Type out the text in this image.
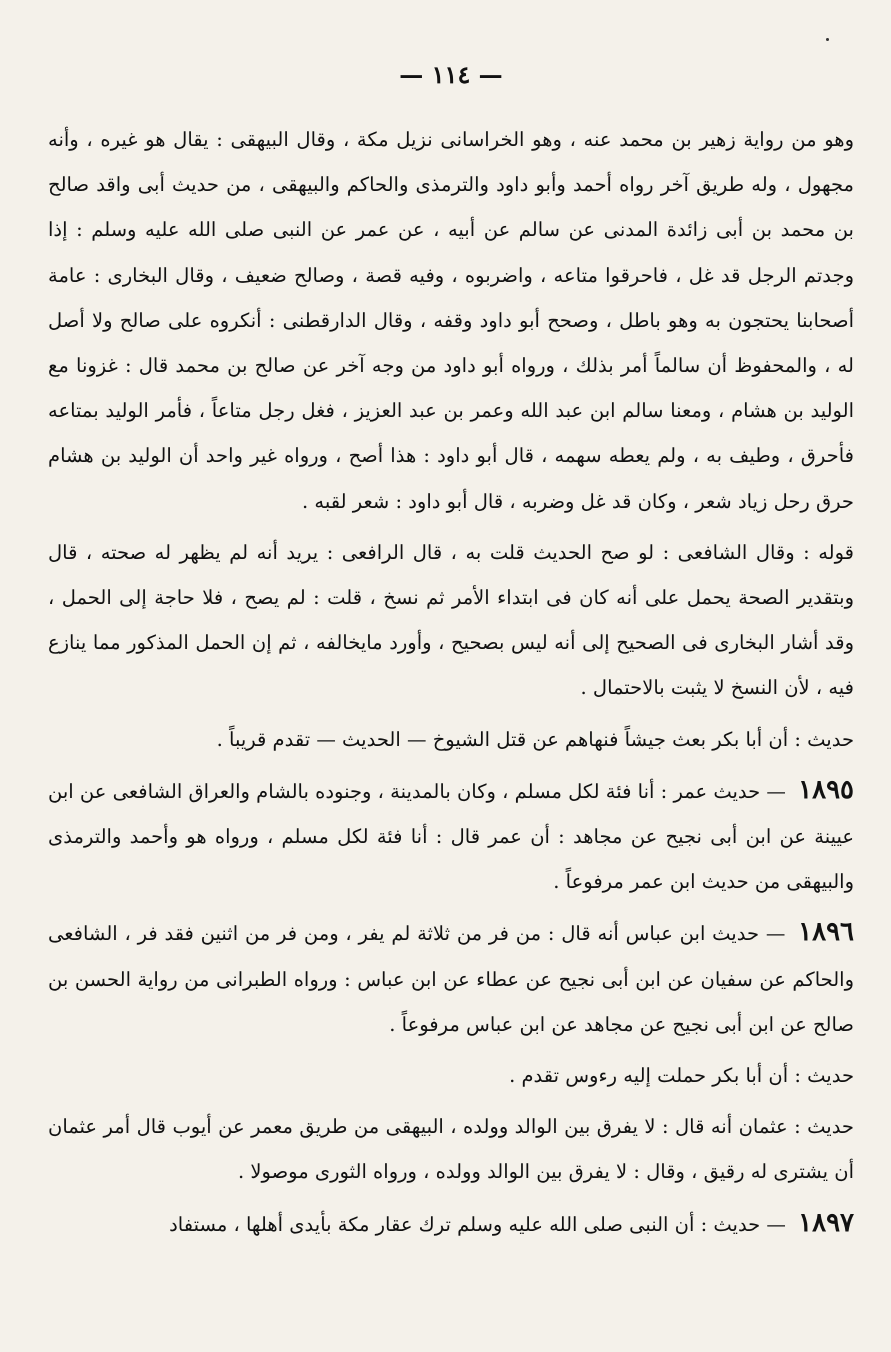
— ١١٤ —

وهو من رواية زهير بن محمد عنه ، وهو الخراسانى نزيل مكة ، وقال البيهقى : يقال هو غيره ، وأنه مجهول ، وله طريق آخر رواه أحمد وأبو داود والترمذى والحاكم والبيهقى ، من حديث أبى واقد صالح بن محمد بن أبى زائدة المدنى عن سالم عن أبيه ، عن عمر عن النبى صلى الله عليه وسلم : إذا وجدتم الرجل قد غل ، فاحرقوا متاعه ، واضربوه ، وفيه قصة ، وصالح ضعيف ، وقال البخارى : عامة أصحابنا يحتجون به وهو باطل ، وصحح أبو داود وقفه ، وقال الدارقطنى : أنكروه على صالح ولا أصل له ، والمحفوظ أن سالماً أمر بذلك ، ورواه أبو داود من وجه آخر عن صالح بن محمد قال : غزونا مع الوليد بن هشام ، ومعنا سالم ابن عبد الله وعمر بن عبد العزيز ، فغل رجل متاعاً ، فأمر الوليد بمتاعه فأحرق ، وطيف به ، ولم يعطه سهمه ، قال أبو داود : هذا أصح ، ورواه غير واحد أن الوليد بن هشام حرق رحل زياد شعر ، وكان قد غل وضربه ، قال أبو داود : شعر لقبه .

قوله : وقال الشافعى : لو صح الحديث قلت به ، قال الرافعى : يريد أنه لم يظهر له صحته ، قال وبتقدير الصحة يحمل على أنه كان فى ابتداء الأمر ثم نسخ ، قلت : لم يصح ، فلا حاجة إلى الحمل ، وقد أشار البخارى فى الصحيح إلى أنه ليس بصحيح ، وأورد مايخالفه ، ثم إن الحمل المذكور مما ينازع فيه ، لأن النسخ لا يثبت بالاحتمال .

حديث : أن أبا بكر بعث جيشاً فنهاهم عن قتل الشيوخ — الحديث — تقدم قريباً .

١٨٩٥ — حديث عمر : أنا فئة لكل مسلم ، وكان بالمدينة ، وجنوده بالشام والعراق الشافعى عن ابن عيينة عن ابن أبى نجيح عن مجاهد : أن عمر قال : أنا فئة لكل مسلم ، ورواه هو وأحمد والترمذى والبيهقى من حديث ابن عمر مرفوعاً .

١٨٩٦ — حديث ابن عباس أنه قال : من فر من ثلاثة لم يفر ، ومن فر من اثنين فقد فر ، الشافعى والحاكم عن سفيان عن ابن أبى نجيح عن عطاء عن ابن عباس : ورواه الطبرانى من رواية الحسن بن صالح عن ابن أبى نجيح عن مجاهد عن ابن عباس مرفوعاً .

حديث : أن أبا بكر حملت إليه رءوس تقدم .

حديث : عثمان أنه قال : لا يفرق بين الوالد وولده ، البيهقى من طريق معمر عن أيوب قال أمر عثمان أن يشترى له رقيق ، وقال : لا يفرق بين الوالد وولده ، ورواه الثورى موصولا .

١٨٩٧ — حديث : أن النبى صلى الله عليه وسلم ترك عقار مكة بأيدى أهلها ، مستفاد
